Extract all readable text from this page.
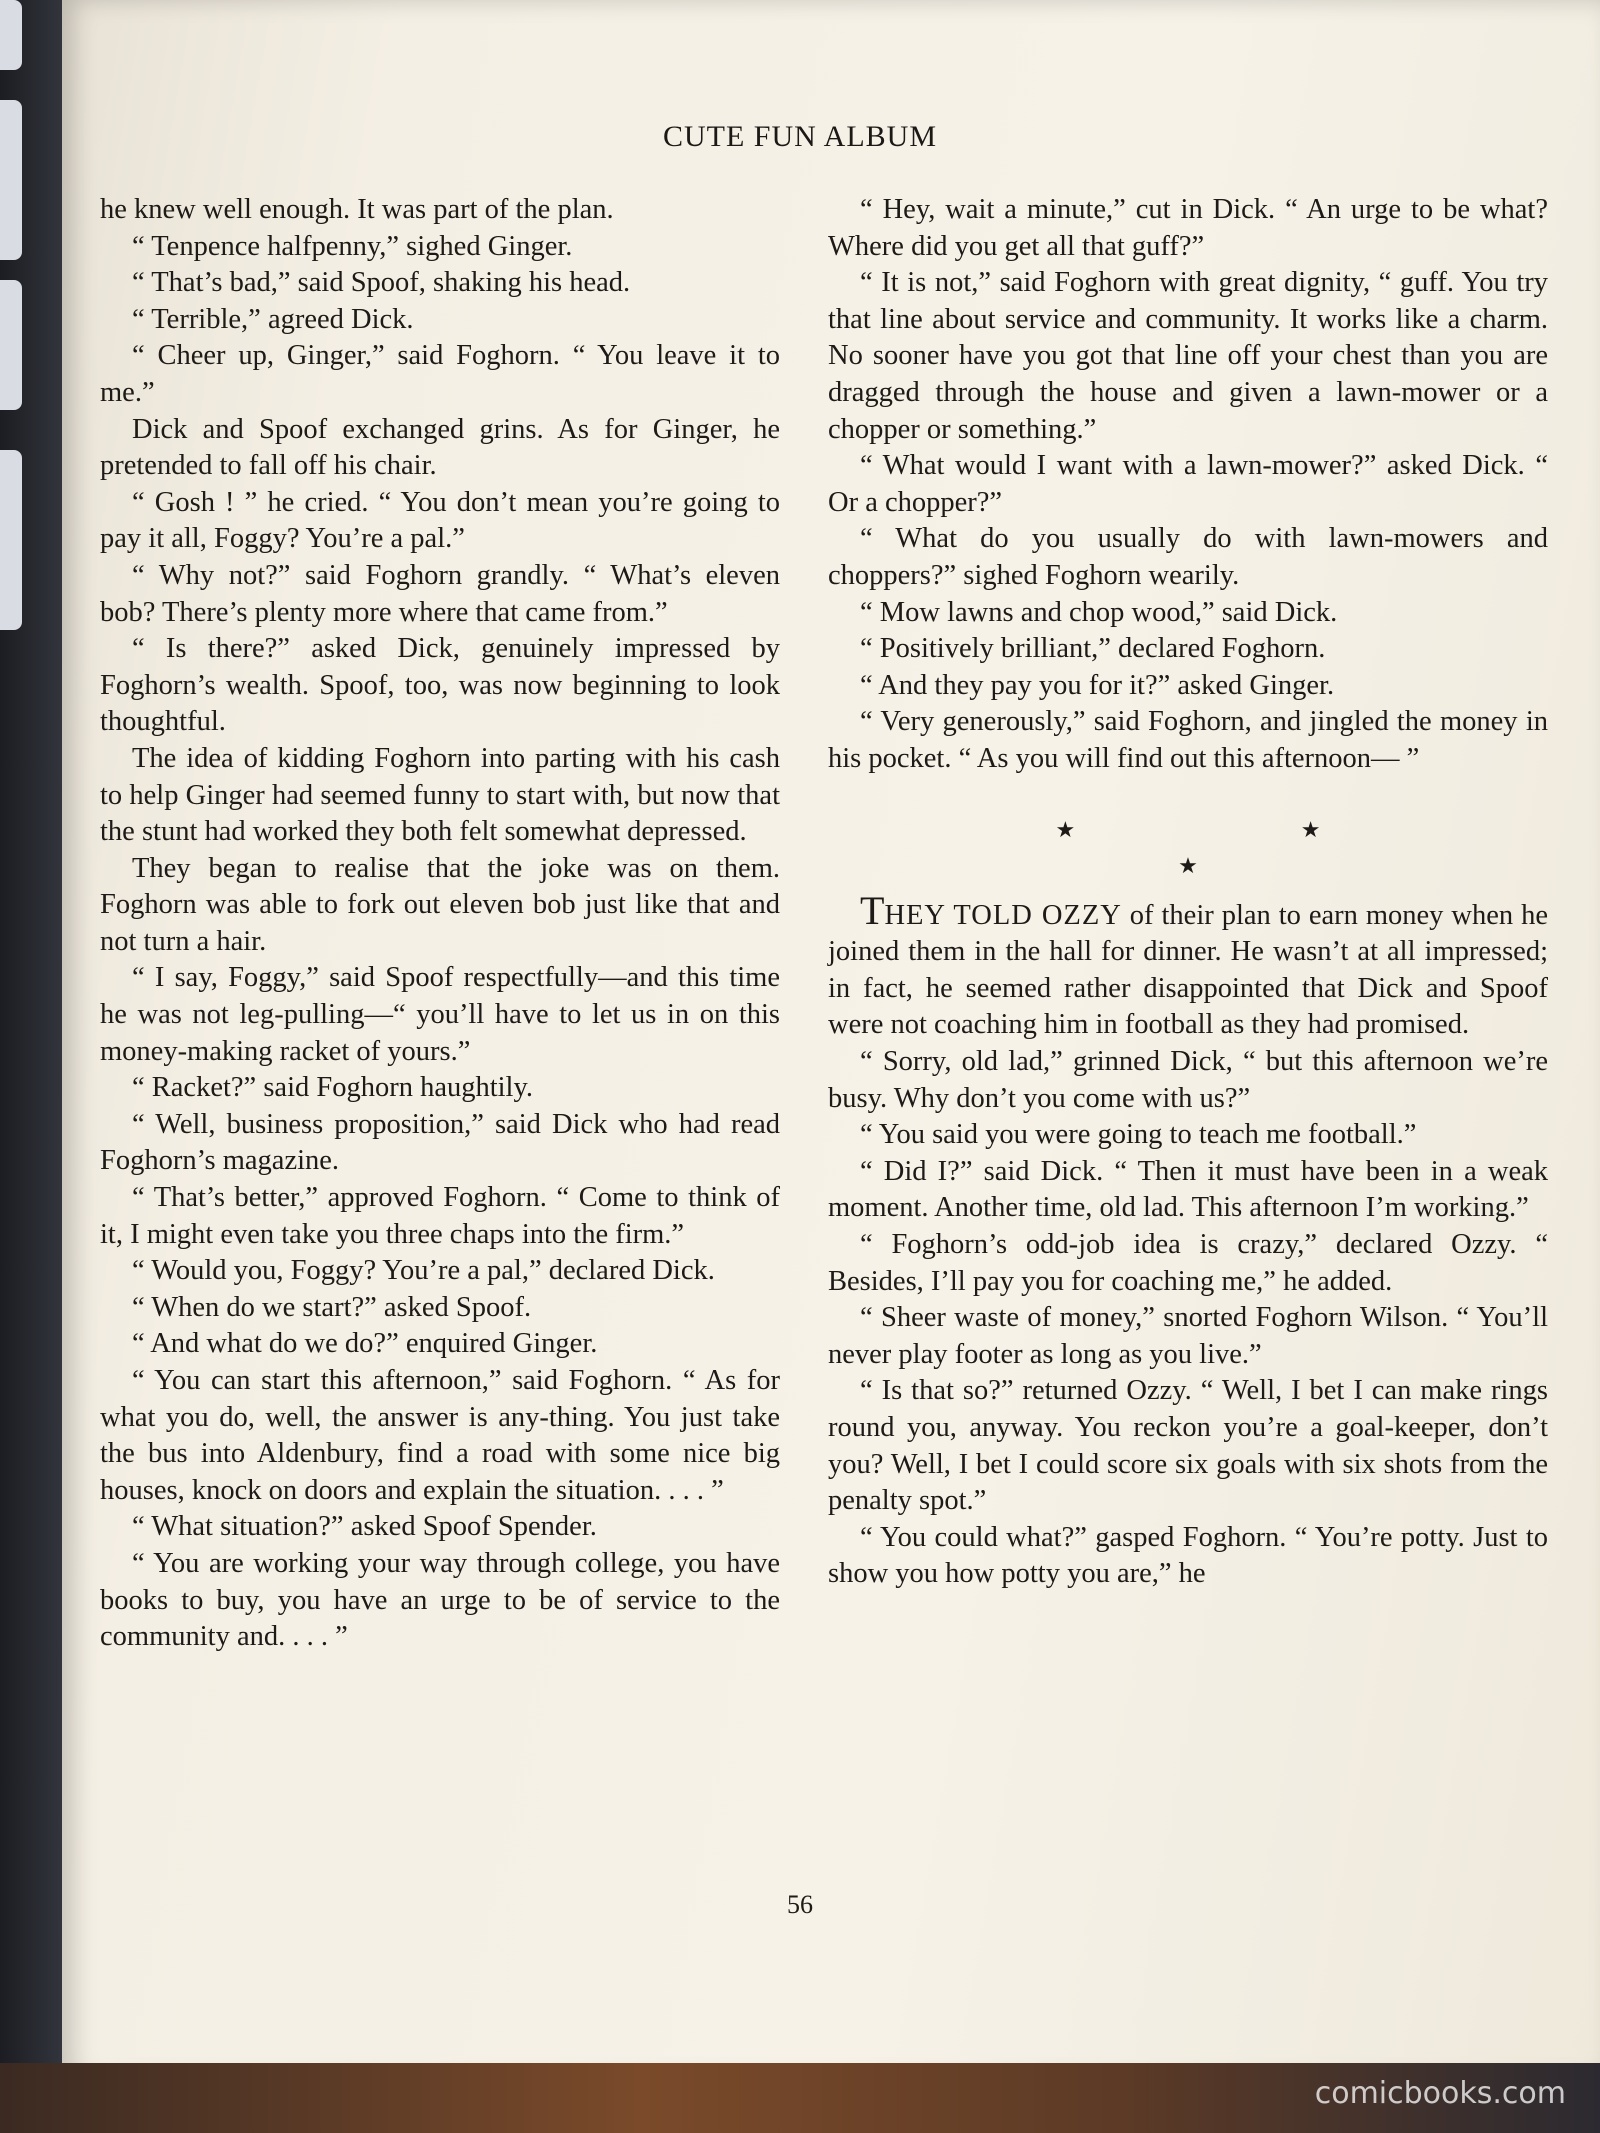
CUTE FUN ALBUM

he knew well enough. It was part of the plan.

“ Tenpence halfpenny,” sighed Ginger.

“ That’s bad,” said Spoof, shaking his head.

“ Terrible,” agreed Dick.

“ Cheer up, Ginger,” said Foghorn. “ You leave it to me.”

Dick and Spoof exchanged grins. As for Ginger, he pretended to fall off his chair.

“ Gosh ! ” he cried. “ You don’t mean you’re going to pay it all, Foggy? You’re a pal.”

“ Why not?” said Foghorn grandly. “ What’s eleven bob? There’s plenty more where that came from.”

“ Is there?” asked Dick, genuinely impressed by Foghorn’s wealth. Spoof, too, was now beginning to look thoughtful.

The idea of kidding Foghorn into parting with his cash to help Ginger had seemed funny to start with, but now that the stunt had worked they both felt somewhat depressed.

They began to realise that the joke was on them. Foghorn was able to fork out eleven bob just like that and not turn a hair.

“ I say, Foggy,” said Spoof respectfully—and this time he was not leg-pulling—“ you’ll have to let us in on this money-making racket of yours.”

“ Racket?” said Foghorn haughtily.

“ Well, business proposition,” said Dick who had read Foghorn’s magazine.

“ That’s better,” approved Foghorn. “ Come to think of it, I might even take you three chaps into the firm.”

“ Would you, Foggy? You’re a pal,” declared Dick.

“ When do we start?” asked Spoof.

“ And what do we do?” enquired Ginger.

“ You can start this afternoon,” said Foghorn. “ As for what you do, well, the answer is any-thing. You just take the bus into Aldenbury, find a road with some nice big houses, knock on doors and explain the situation. . . . ”

“ What situation?” asked Spoof Spender.

“ You are working your way through college, you have books to buy, you have an urge to be of service to the community and. . . . ”

“ Hey, wait a minute,” cut in Dick. “ An urge to be what? Where did you get all that guff?”

“ It is not,” said Foghorn with great dignity, “ guff. You try that line about service and community. It works like a charm. No sooner have you got that line off your chest than you are dragged through the house and given a lawn-mower or a chopper or something.”

“ What would I want with a lawn-mower?” asked Dick. “ Or a chopper?”

“ What do you usually do with lawn-mowers and choppers?” sighed Foghorn wearily.

“ Mow lawns and chop wood,” said Dick.

“ Positively brilliant,” declared Foghorn.

“ And they pay you for it?” asked Ginger.

“ Very generously,” said Foghorn, and jingled the money in his pocket. “ As you will find out this afternoon— ”

★ ★ ★

THEY TOLD OZZY of their plan to earn money when he joined them in the hall for dinner. He wasn’t at all impressed; in fact, he seemed rather disappointed that Dick and Spoof were not coaching him in football as they had promised.

“ Sorry, old lad,” grinned Dick, “ but this afternoon we’re busy. Why don’t you come with us?”

“ You said you were going to teach me football.”

“ Did I?” said Dick. “ Then it must have been in a weak moment. Another time, old lad. This afternoon I’m working.”

“ Foghorn’s odd-job idea is crazy,” declared Ozzy. “ Besides, I’ll pay you for coaching me,” he added.

“ Sheer waste of money,” snorted Foghorn Wilson. “ You’ll never play footer as long as you live.”

“ Is that so?” returned Ozzy. “ Well, I bet I can make rings round you, anyway. You reckon you’re a goal-keeper, don’t you? Well, I bet I could score six goals with six shots from the penalty spot.”

“ You could what?” gasped Foghorn. “ You’re potty. Just to show you how potty you are,” he

56
comicbooks.com
